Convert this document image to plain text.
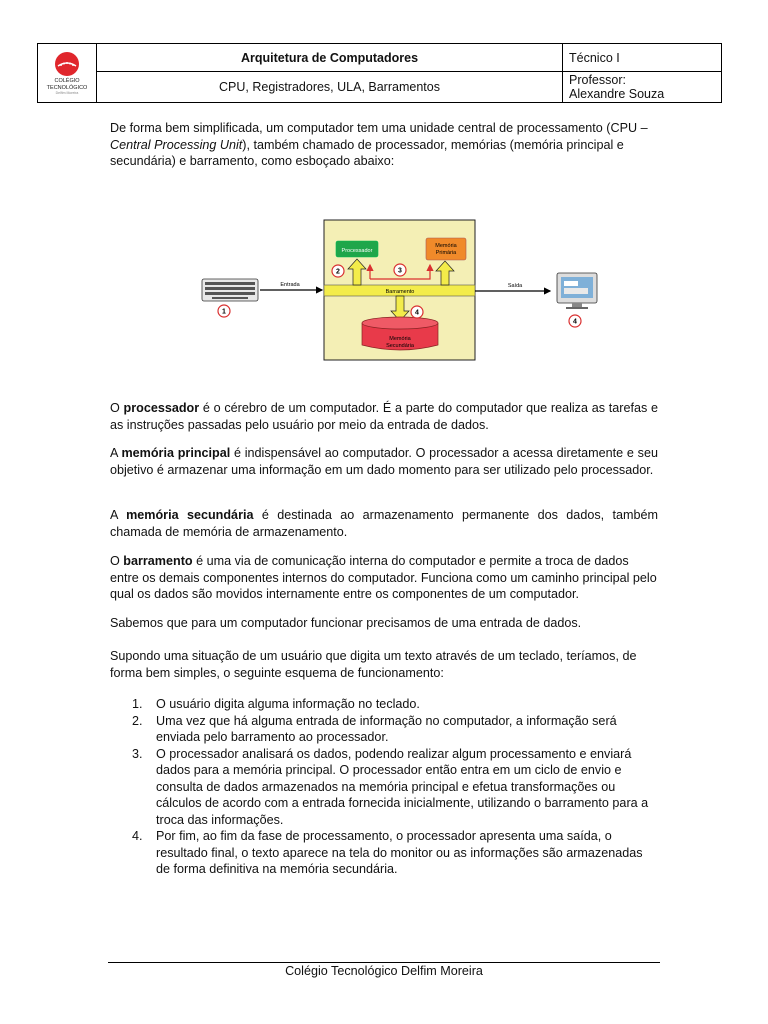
COLÉGIO
TECNOLÓGICO
Delfim Moreira	Arquitetura de Computadores	Técnico I
	CPU, Registradores, ULA, Barramentos	Professor:
Alexandre Souza

De forma bem simplificada, um computador tem uma unidade central de processamento (CPU – Central Processing Unit), também chamado de processador, memórias (memória principal e secundária) e barramento, como esboçado abaixo:

Barramento
Processador
Memória
Primária
Memória
Secundária
Entrada	Saída
1
2	3
4
4

O processador é o cérebro de um computador. É a parte do computador que realiza as tarefas e as instruções passadas pelo usuário por meio da entrada de dados.

A memória principal é indispensável ao computador. O processador a acessa diretamente e seu objetivo é armazenar uma informação em um dado momento para ser utilizado pelo processador.

A memória secundária é destinada ao armazenamento permanente dos dados, também chamada de memória de armazenamento.

O barramento é uma via de comunicação interna do computador e permite a troca de dados entre os demais componentes internos do computador. Funciona como um caminho principal pelo qual os dados são movidos internamente entre os componentes de um computador.

Sabemos que para um computador funcionar precisamos de uma entrada de dados.

Supondo uma situação de um usuário que digita um texto através de um teclado, teríamos, de forma bem simples, o seguinte esquema de funcionamento:

1. O usuário digita alguma informação no teclado.
2. Uma vez que há alguma entrada de informação no computador, a informação será enviada pelo barramento ao processador.
3. O processador analisará os dados, podendo realizar algum processamento e enviará dados para a memória principal. O processador então entra em um ciclo de envio e consulta de dados armazenados na memória principal e efetua transformações ou cálculos de acordo com a entrada fornecida inicialmente, utilizando o barramento para a troca das informações.
4. Por fim, ao fim da fase de processamento, o processador apresenta uma saída, o resultado final, o texto aparece na tela do monitor ou as informações são armazenadas de forma definitiva na memória secundária.
Colégio Tecnológico Delfim Moreira
